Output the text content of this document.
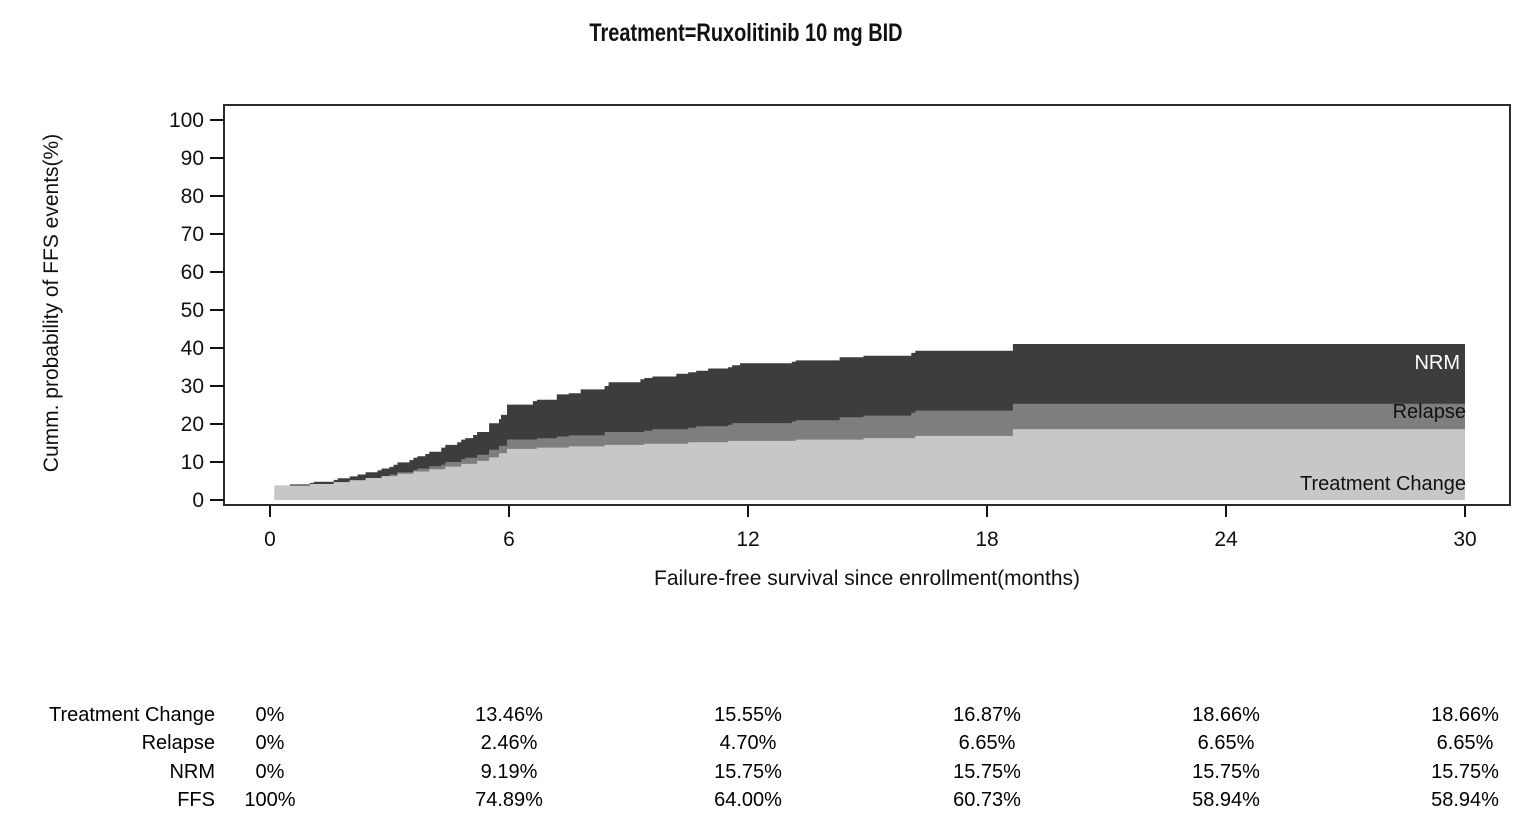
Treatment=Ruxolitinib 10 mg BID
Cumm. probability of FFS events(%)
0	6	12	18	24	30
0
10
20
30
40
50
60
70
80
90
100
NRM
Relapse
Treatment Change
Failure-free survival since enrollment(months)
Treatment Change	0%	13.46%	15.55%	16.87%	18.66%	18.66%
Relapse	0%	2.46%	4.70%	6.65%	6.65%	6.65%
NRM	0%	9.19%	15.75%	15.75%	15.75%	15.75%
FFS	100%	74.89%	64.00%	60.73%	58.94%	58.94%
